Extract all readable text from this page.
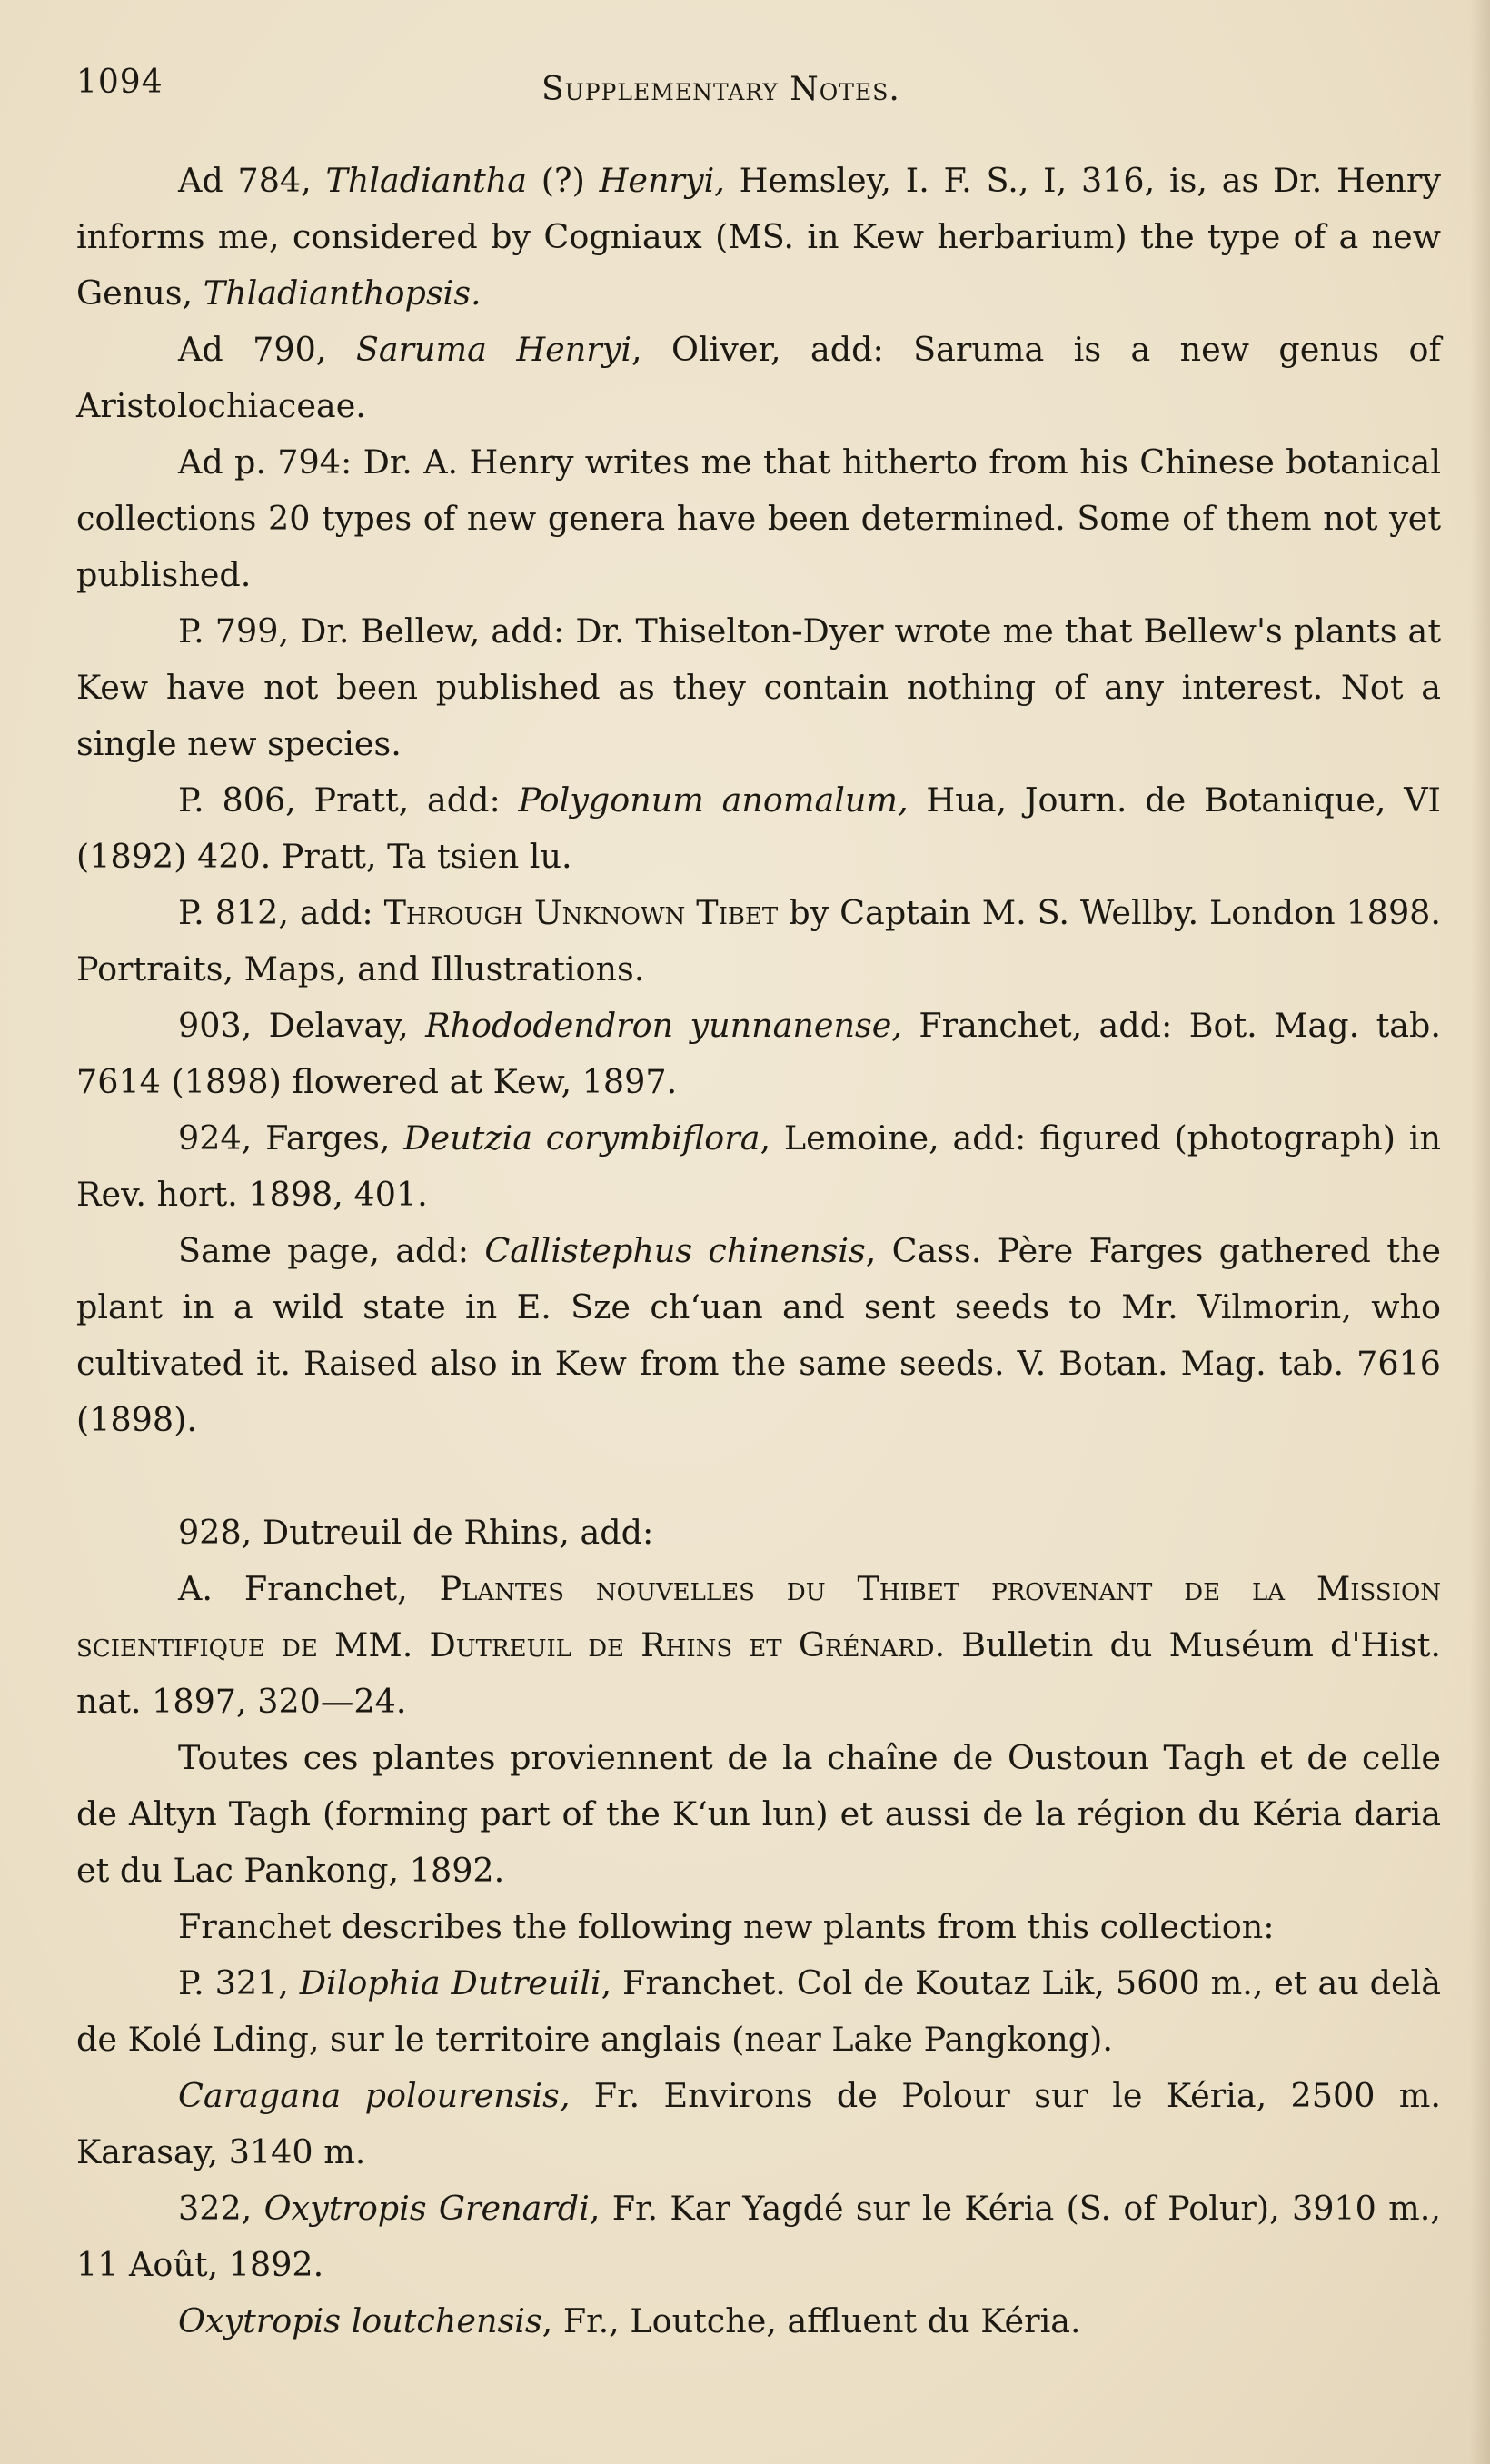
1094	Supplementary Notes.

Ad 784, Thladiantha (?) Henryi, Hemsley, I. F. S., I, 316, is, as Dr. Henry informs me, considered by Cogniaux (MS. in Kew herbarium) the type of a new Genus, Thladianthopsis.

Ad 790, Saruma Henryi, Oliver, add: Saruma is a new genus of Aristolochiaceae.

Ad p. 794: Dr. A. Henry writes me that hitherto from his Chinese botanical collections 20 types of new genera have been determined. Some of them not yet published.

P. 799, Dr. Bellew, add: Dr. Thiselton-Dyer wrote me that Bellew's plants at Kew have not been published as they contain nothing of any interest. Not a single new species.

P. 806, Pratt, add: Polygonum anomalum, Hua, Journ. de Botanique, VI (1892) 420. Pratt, Ta tsien lu.

P. 812, add: Through Unknown Tibet by Captain M. S. Wellby. London 1898. Portraits, Maps, and Illustrations.

903, Delavay, Rhododendron yunnanense, Franchet, add: Bot. Mag. tab. 7614 (1898) flowered at Kew, 1897.

924, Farges, Deutzia corymbiflora, Lemoine, add: figured (photograph) in Rev. hort. 1898, 401.

Same page, add: Callistephus chinensis, Cass. Père Farges gathered the plant in a wild state in E. Sze chʻuan and sent seeds to Mr. Vilmorin, who cultivated it. Raised also in Kew from the same seeds. V. Botan. Mag. tab. 7616 (1898).

928, Dutreuil de Rhins, add:

A. Franchet, Plantes nouvelles du Thibet provenant de la Mission scientifique de MM. Dutreuil de Rhins et Grénard. Bulletin du Muséum d'Hist. nat. 1897, 320—24.

Toutes ces plantes proviennent de la chaîne de Oustoun Tagh et de celle de Altyn Tagh (forming part of the Kʻun lun) et aussi de la région du Kéria daria et du Lac Pankong, 1892.

Franchet describes the following new plants from this collection:

P. 321, Dilophia Dutreuili, Franchet. Col de Koutaz Lik, 5600 m., et au delà de Kolé Lding, sur le territoire anglais (near Lake Pangkong).

Caragana polourensis, Fr. Environs de Polour sur le Kéria, 2500 m. Karasay, 3140 m.

322, Oxytropis Grenardi, Fr. Kar Yagdé sur le Kéria (S. of Polur), 3910 m., 11 Août, 1892.

Oxytropis loutchensis, Fr., Loutche, affluent du Kéria.
